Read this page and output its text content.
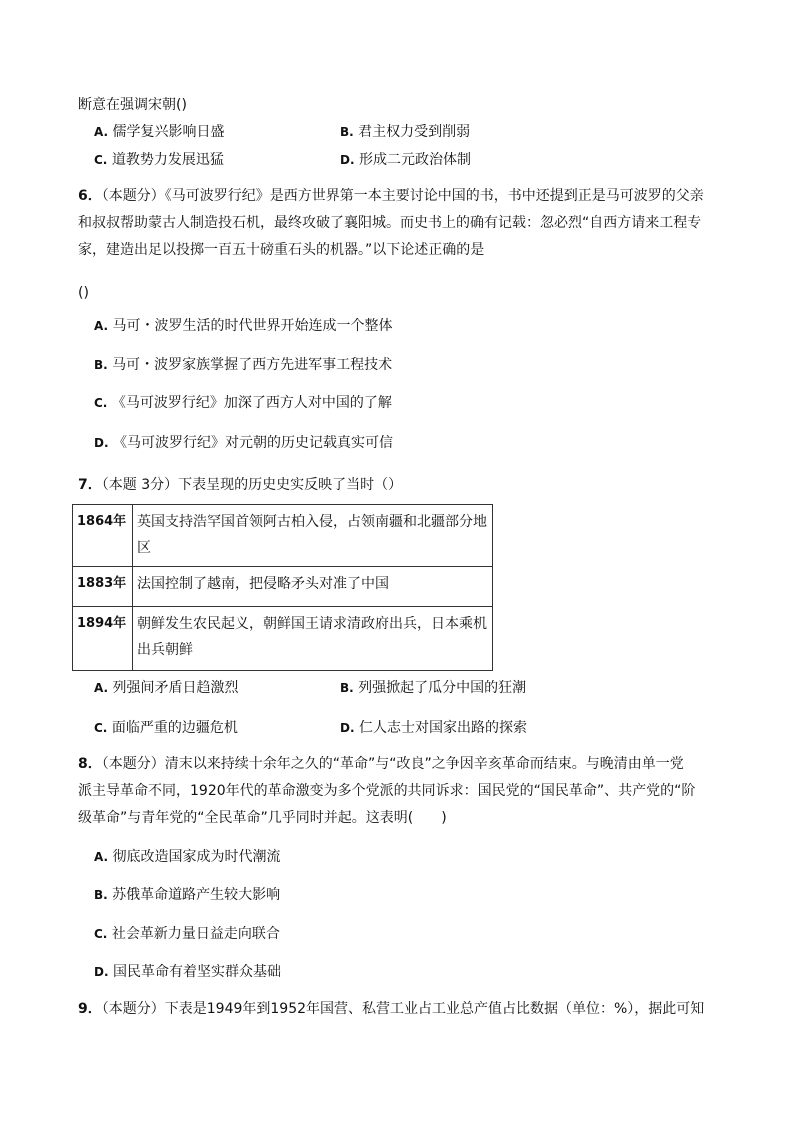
断意在强调宋朝()
A. 儒学复兴影响日盛	B. 君主权力受到削弱
C. 道教势力发展迅猛	D. 形成二元政治体制
6．（本题分）《马可波罗行纪》是西方世界第一本主要讨论中国的书，书中还提到正是马可波罗的父亲
和叔叔帮助蒙古人制造投石机，最终攻破了襄阳城。而史书上的确有记载：忽必烈“自西方请来工程专
家，建造出足以投掷一百五十磅重石头的机器。”以下论述正确的是
()
A. 马可・波罗生活的时代世界开始连成一个整体
B. 马可・波罗家族掌握了西方先进军事工程技术
C. 《马可波罗行纪》加深了西方人对中国的了解
D. 《马可波罗行纪》对元朝的历史记载真实可信
7．（本题 3分）下表呈现的历史史实反映了当时（）
1864年	英国支持浩罕国首领阿古柏入侵，占领南疆和北疆部分地区
1883年	法国控制了越南，把侵略矛头对准了中国
1894年	朝鲜发生农民起义，朝鲜国王请求清政府出兵，日本乘机出兵朝鲜
A. 列强间矛盾日趋激烈	B. 列强掀起了瓜分中国的狂潮
C. 面临严重的边疆危机	D. 仁人志士对国家出路的探索
8．（本题分）清末以来持续十余年之久的“革命”与“改良”之争因辛亥革命而结束。与晚清由单一党
派主导革命不同，1920年代的革命激变为多个党派的共同诉求：国民党的“国民革命”、共产党的“阶
级革命”与青年党的“全民革命”几乎同时并起。这表明(　　)
A. 彻底改造国家成为时代潮流
B. 苏俄革命道路产生较大影响
C. 社会革新力量日益走向联合
D. 国民革命有着坚实群众基础
9．（本题分）下表是1949年到1952年国营、私营工业占工业总产值占比数据（单位：%），据此可知
